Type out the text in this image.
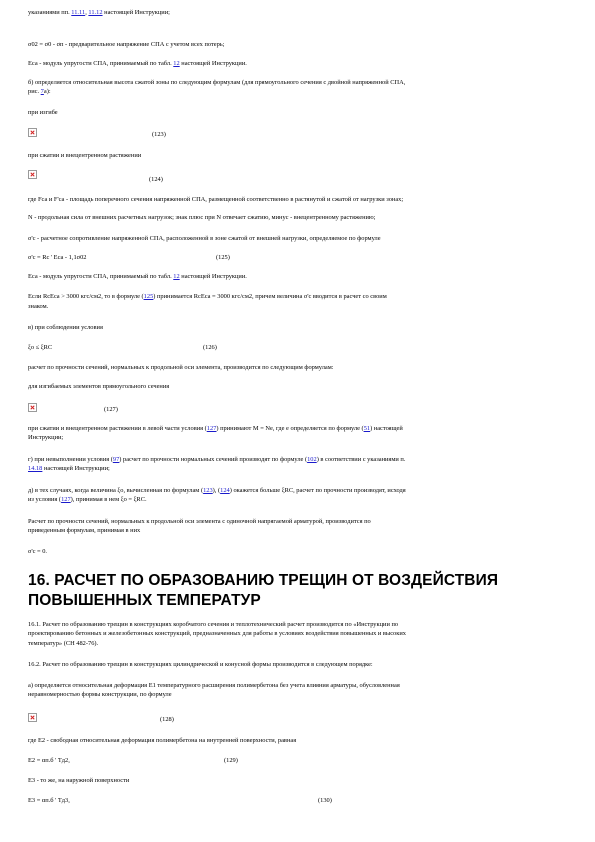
указаниями пп. 11.11, 11.12 настоящей Инструкции;
σ02 = σ0 - σп - предварительное напряжение СПА с учетом всех потерь;
Еса - модуль упругости СПА, принимаемый по табл. 12 настоящей Инструкции.
б) определяется относительная высота сжатой зоны по следующим формулам (для прямоугольного сечения с двойной напряженной СПА,
рис. 7а):
при изгибе
(123)
при сжатии и внецентренном растяжении
(124)
где Fса и F'са - площадь поперечного сечения напряженной СПА, размещенной соответственно в растянутой и сжатой от нагрузки зонах;
N - продольная сила от внешних расчетных нагрузок; знак плюс при N отвечает сжатию, минус - внецентренному растяжению;
σ'с - расчетное сопротивление напряженной СПА, расположенной в зоне сжатой от внешней нагрузки, определяемое по формуле
σ'с = Rс ' Еса - 1,1σ02	(125)
Еса - модуль упругости СПА, принимаемый по табл. 12 настоящей Инструкции.
Если RcEca > 3000 кгс/см2, то в формуле (125) принимается RcEca = 3000 кгс/см2, причем величина σ'с вводится в расчет со своим
знаком.
в) при соблюдении условия
ξо ≤ ξRС	(126)
расчет по прочности сечений, нормальных к продольной оси элемента, производится по следующим формулам:
для изгибаемых элементов прямоугольного сечения
(127)
при сжатии и внецентренном растяжении в левой части условия (127) принимают M = Ne, где e определяется по формуле (51) настоящей
Инструкции;
г) при невыполнении условия (97) расчет по прочности нормальных сечений производят по формуле (102) в соответствии с указаниями п.
14.18 настоящей Инструкции;
д) в тех случаях, когда величина ξо, вычисленная по формулам (123), (124) окажется больше ξRС, расчет по прочности производят, исходя
из условия (127), принимая в нем ξо = ξRС.
Расчет по прочности сечений, нормальных к продольной оси элемента с одиночной напрягаемой арматурой, производится по
приведенным формулам, принимая в них
σ'с = 0.
16. РАСЧЕТ ПО ОБРАЗОВАНИЮ ТРЕЩИН ОТ ВОЗДЕЙСТВИЯ ПОВЫШЕННЫХ ТЕМПЕРАТУР
16.1. Расчет по образованию трещин в конструкциях коробчатого сечения и теплотехнический расчет производится по «Инструкции по
проектированию бетонных и железобетонных конструкций, предназначенных для работы в условиях воздействия повышенных и высоких
температур» (СН 482-76).
16.2. Расчет по образованию трещин в конструкциях цилиндрической и конусной формы производится в следующем порядке:
а) определяется относительная деформация Е1 температурного расширения полимербетона без учета влияния арматуры, обусловленная
неравномерностью формы конструкции, по формуле
(128)
где Е2 - свободная относительная деформация полимербетона на внутренней поверхности, равная
Е2 = αп.б ' Tд2,	(129)
Е3 - то же, на наружной поверхности
Е3 = αп.б ' Tд3,	(130)
